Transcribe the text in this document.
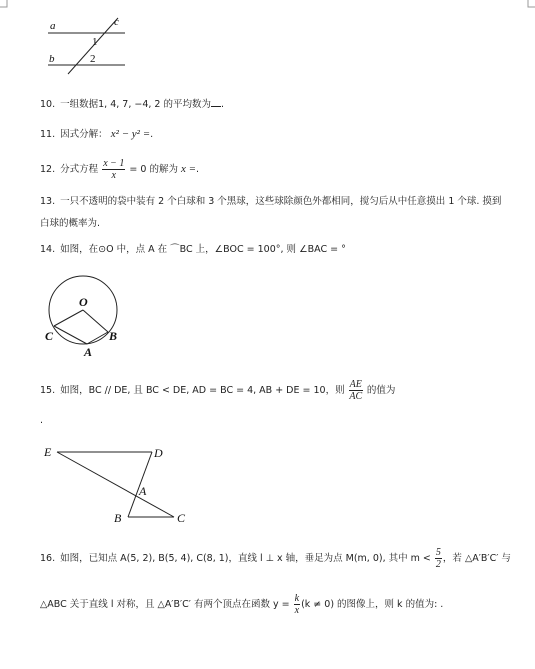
a
b
c
1
2
10. 一组数据1, 4, 7, −4, 2 的平均数为 .
11. 因式分解： x² − y² =.
12. 分式方程 $\frac{x - 1}{x} = 0$ 的解为 x =.
13. 一只不透明的袋中装有 2 个白球和 3 个黑球，这些球除颜色外都相同，搅匀后从中任意摸出 1 个球. 摸到
白球的概率为.
14. 如图，在⊙O 中，点 A 在 ⌒BC 上，∠BOC = 100°, 则 ∠BAC = °
O
C	B
A
15. 如图，BC // DE, 且 BC < DE, AD = BC = 4, AB + DE = 10，则 $\frac{AE}{AC}$ 的值为
.
E	D
A
B	C
16. 如图，已知点 A(5, 2), B(5, 4), C(8, 1)，直线 l ⊥ x 轴，垂足为点 M(m, 0), 其中 $m < \frac{5}{2}$ ，若 △A′B′C′ 与
△ABC 关于直线 l 对称，且 △A′B′C′ 有两个顶点在函数 $y = \frac{k}{x} (k \ne 0)$ 的图像上，则 k 的值为: .
